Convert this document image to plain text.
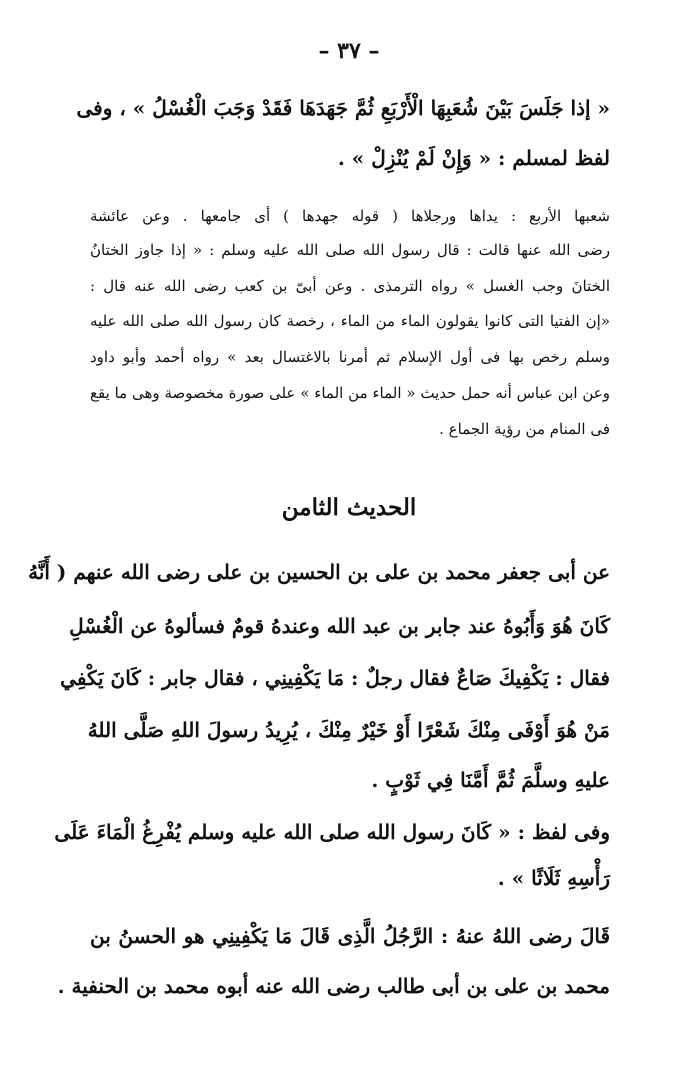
– ٣٧ –
« إذا جَلَسَ بَيْنَ شُعَبِهَا الْأَرْبَعِ ثُمَّ جَهَدَهَا فَقَدْ وَجَبَ الْغُسْلُ » ، وفى
لفظ لمسلم : « وَإِنْ لَمْ يُنْزِلْ » .
شعبها الأربع : يداها ورجلاها ( قوله جهدها ) أى جامعها . وعن عائشة
رضى الله عنها قالت : قال رسول الله صلى الله عليه وسلم : « إذا جاوز الختانُ
الختانَ وجب الغسل » رواه الترمذى . وعن أبىّ بن كعب رضى الله عنه قال :
«إن الفتيا التى كانوا يقولون الماء من الماء ، رخصة كان رسول الله صلى الله عليه
وسلم رخص بها فى أول الإسلام ثم أمرنا بالاغتسال بعد » رواه أحمد وأبو داود
وعن ابن عباس أنه حمل حديث « الماء من الماء » على صورة مخصوصة وهى ما يقع
فى المنام من رؤية الجماع .
الحديث الثامن
عن أبى جعفر محمد بن على بن الحسين بن على رضى الله عنهم ( أَنَّهُ
كَانَ هُوَ وَأَبُوهُ عند جابر بن عبد الله وعندهُ قومٌ فسألوهُ عن الْغُسْلِ
فقال : يَكْفِيكَ صَاعٌ فقال رجلٌ : مَا يَكْفِينِي ، فقال جابر : كَانَ يَكْفِي
مَنْ هُوَ أَوْفَى مِنْكَ شَعْرًا أَوْ خَيْرٌ مِنْكَ ، يُرِيدُ رسولَ اللهِ صَلَّى اللهُ
عليهِ وسلَّمَ ثُمَّ أَمَّنَا فِي ثَوْبٍ .
وفى لفظ : « كَانَ رسول الله صلى الله عليه وسلم يُفْرِغُ الْمَاءَ عَلَى
رَأْسِهِ ثَلَاثًا » .
قَالَ رضى اللهُ عنهُ : الرَّجُلُ الَّذِى قَالَ مَا يَكْفِينِي هو الحسنُ بن
محمد بن على بن أبى طالب رضى الله عنه أبوه محمد بن الحنفية .
